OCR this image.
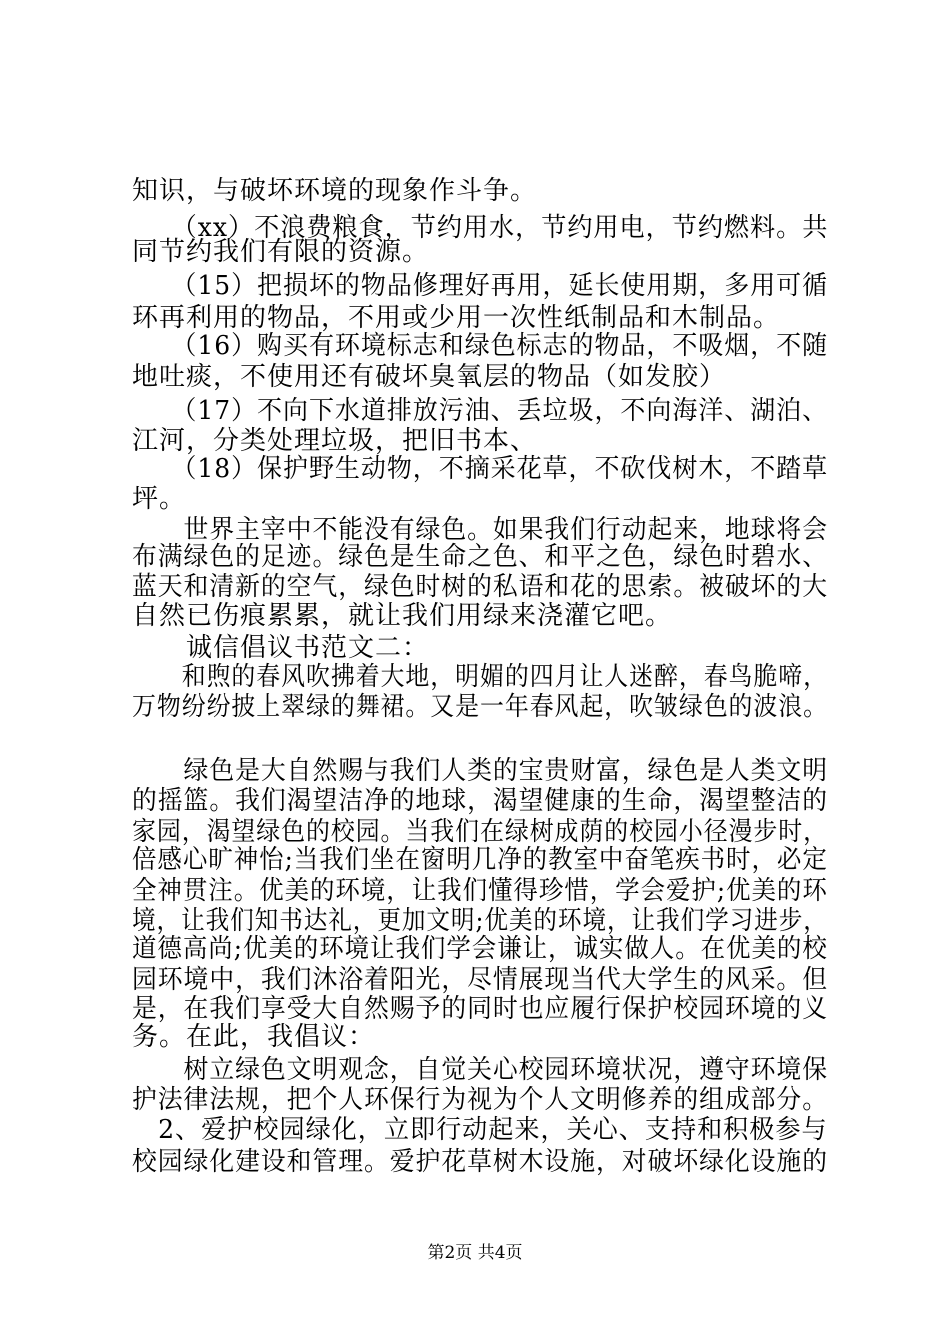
知识，与破坏环境的现象作斗争。
　　（xx）不浪费粮食，节约用水，节约用电，节约燃料。共
同节约我们有限的资源。
　　（15）把损坏的物品修理好再用，延长使用期，多用可循
环再利用的物品，不用或少用一次性纸制品和木制品。
　　（16）购买有环境标志和绿色标志的物品，不吸烟，不随
地吐痰，不使用还有破坏臭氧层的物品（如发胶）
　　（17）不向下水道排放污油、丢垃圾，不向海洋、湖泊、
江河，分类处理垃圾，把旧书本、
　　（18）保护野生动物，不摘采花草，不砍伐树木，不踏草
坪。
　　世界主宰中不能没有绿色。如果我们行动起来，地球将会
布满绿色的足迹。绿色是生命之色、和平之色，绿色时碧水、
蓝天和清新的空气，绿色时树的私语和花的思索。被破坏的大
自然已伤痕累累，就让我们用绿来浇灌它吧。
　　诚信倡议书范文二：
　　和煦的春风吹拂着大地，明媚的四月让人迷醉，春鸟脆啼，
万物纷纷披上翠绿的舞裙。又是一年春风起，吹皱绿色的波浪。
　　绿色是大自然赐与我们人类的宝贵财富，绿色是人类文明
的摇篮。我们渴望洁净的地球，渴望健康的生命，渴望整洁的
家园，渴望绿色的校园。当我们在绿树成荫的校园小径漫步时，
倍感心旷神怡;当我们坐在窗明几净的教室中奋笔疾书时，必定
全神贯注。优美的环境，让我们懂得珍惜，学会爱护;优美的环
境，让我们知书达礼，更加文明;优美的环境，让我们学习进步，
道德高尚;优美的环境让我们学会谦让，诚实做人。在优美的校
园环境中，我们沐浴着阳光，尽情展现当代大学生的风采。但
是，在我们享受大自然赐予的同时也应履行保护校园环境的义
务。在此，我倡议：
　　树立绿色文明观念，自觉关心校园环境状况，遵守环境保
护法律法规，把个人环保行为视为个人文明修养的组成部分。
　2、爱护校园绿化，立即行动起来，关心、支持和积极参与
校园绿化建设和管理。爱护花草树木设施，对破坏绿化设施的
第2页 共4页
